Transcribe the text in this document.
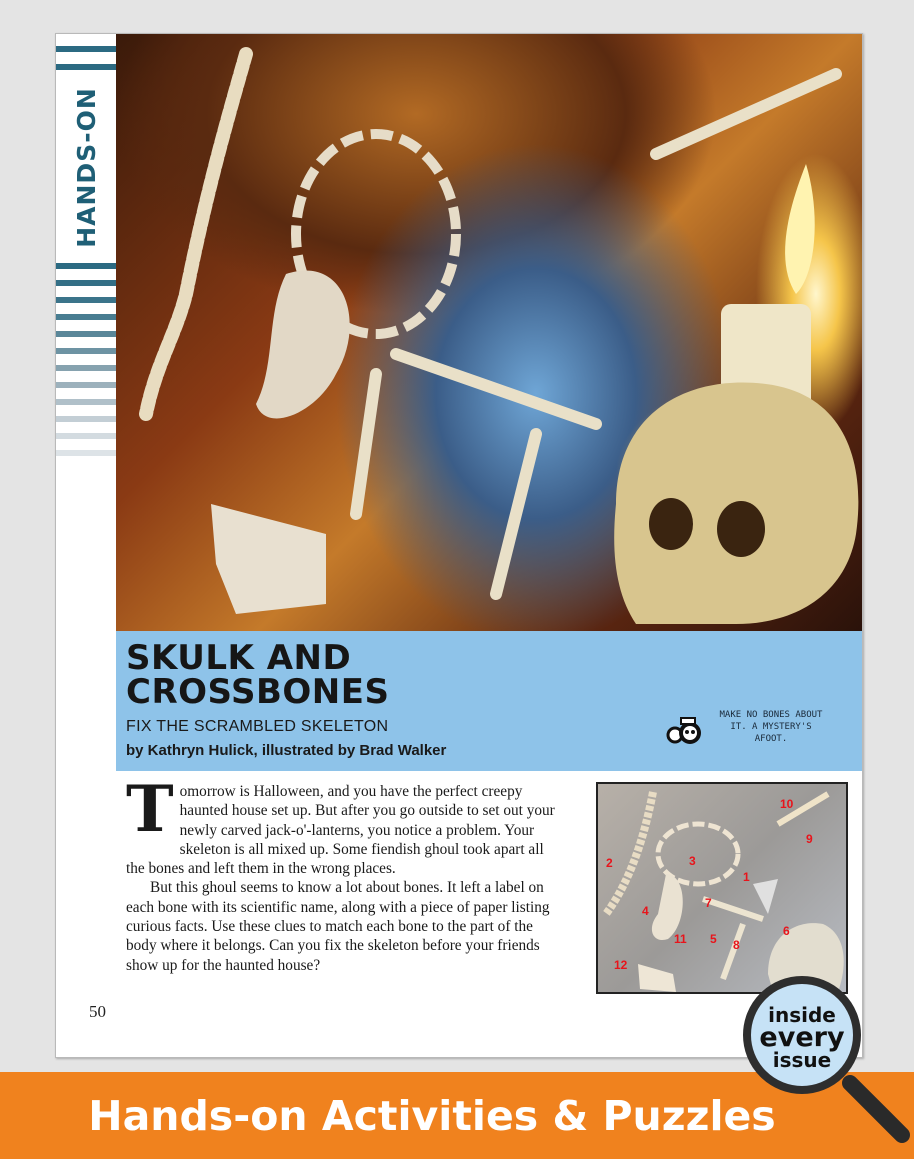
HANDS-ON
SKULK AND
CROSSBONES
FIX THE SCRAMBLED SKELETON
by Kathryn Hulick, illustrated by Brad Walker
MAKE NO BONES ABOUT IT. A MYSTERY'S AFOOT.

Tomorrow is Halloween, and you have the perfect creepy haunted house set up. But after you go outside to set out your newly carved jack-o'-lanterns, you notice a problem. Your skeleton is all mixed up. Some fiendish ghoul took apart all the bones and left them in the wrong places.

But this ghoul seems to know a lot about bones. It left a label on each bone with its scientific name, along with a piece of paper listing curious facts. Use these clues to match each bone to the part of the body where it belongs. Can you fix the skeleton before your friends show up for the haunted house?

1
2	3
4
5
6
7
8
9
10
11
12
50
Hands-on Activities & Puzzles
inside
every
issue
